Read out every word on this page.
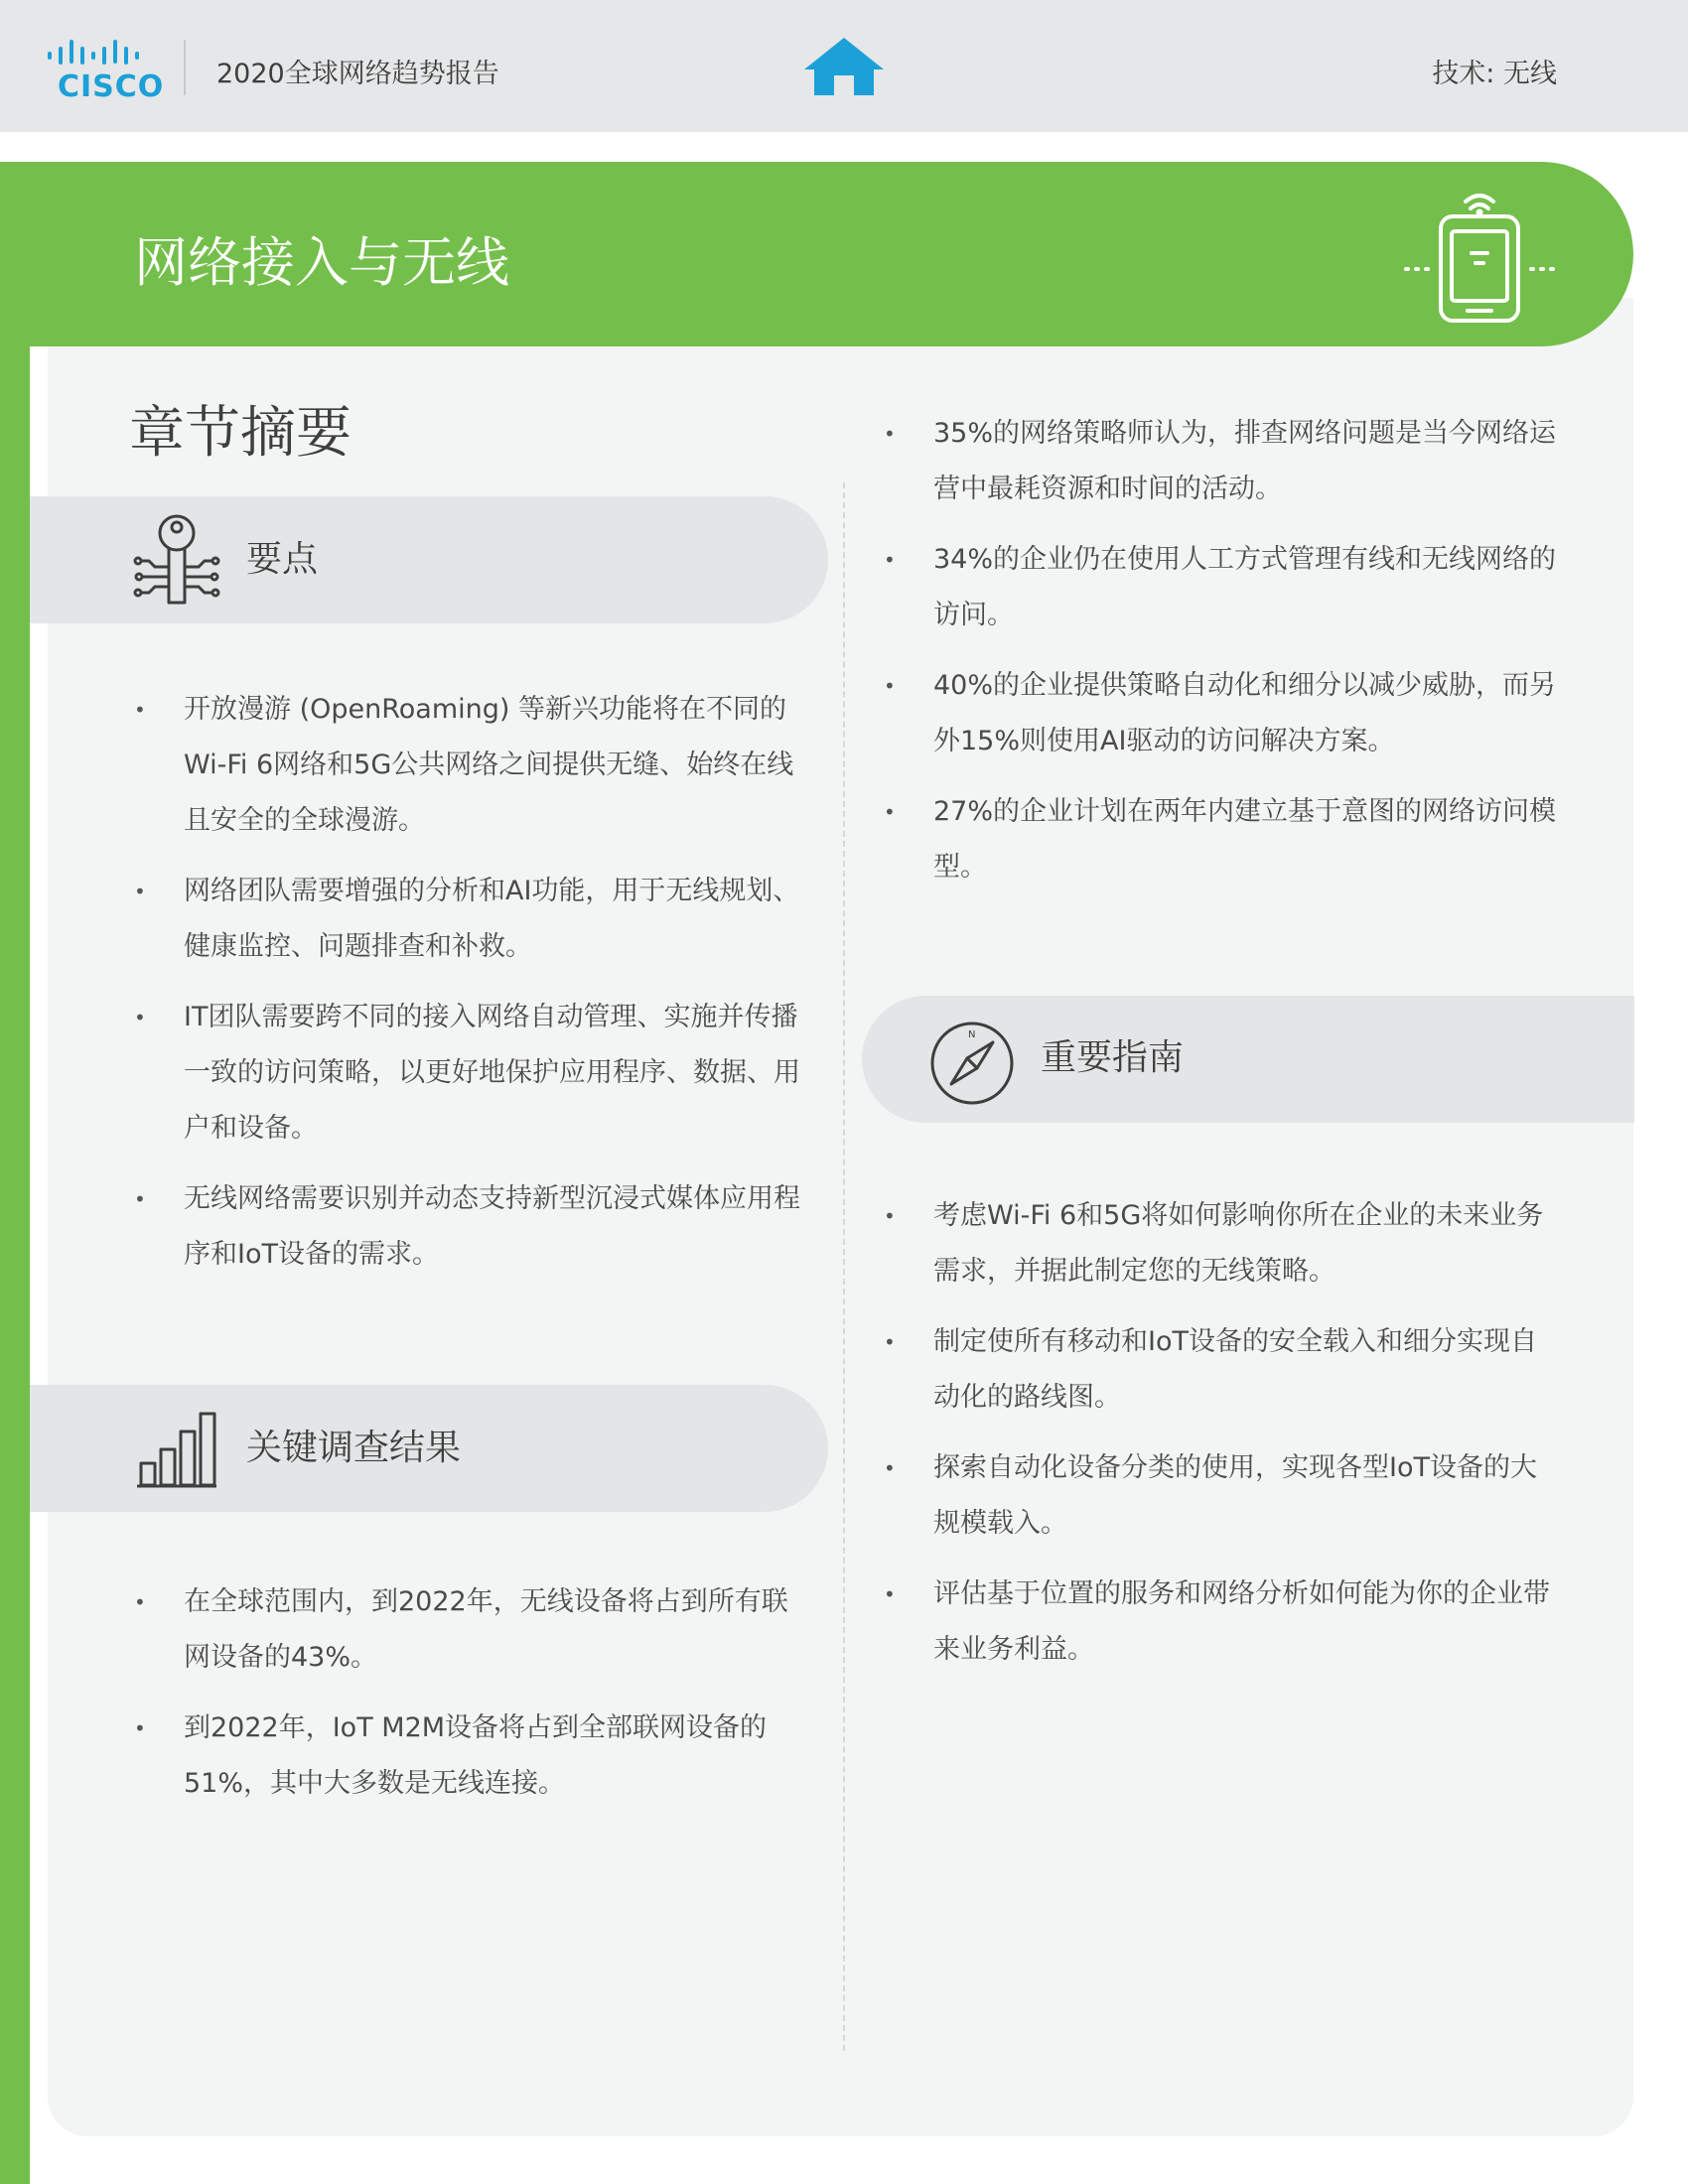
CISCO 2020全球网络趋势报告	技术: 无线
网络接入与无线
章节摘要
要点
• 开放漫游 (OpenRoaming) 等新兴功能将在不同的Wi-Fi 6网络和5G公共网络之间提供无缝、始终在线且安全的全球漫游。
• 网络团队需要增强的分析和AI功能，用于无线规划、健康监控、问题排查和补救。
• IT团队需要跨不同的接入网络自动管理、实施并传播一致的访问策略，以更好地保护应用程序、数据、用户和设备。
• 无线网络需要识别并动态支持新型沉浸式媒体应用程序和IoT设备的需求。
关键调查结果
• 在全球范围内，到2022年，无线设备将占到所有联网设备的43%。
• 到2022年，IoT M2M设备将占到全部联网设备的51%，其中大多数是无线连接。
• 35%的网络策略师认为，排查网络问题是当今网络运营中最耗资源和时间的活动。
• 34%的企业仍在使用人工方式管理有线和无线网络的访问。
• 40%的企业提供策略自动化和细分以减少威胁，而另外15%则使用AI驱动的访问解决方案。
• 27%的企业计划在两年内建立基于意图的网络访问模型。
N
重要指南
• 考虑Wi-Fi 6和5G将如何影响你所在企业的未来业务需求，并据此制定您的无线策略。
• 制定使所有移动和IoT设备的安全载入和细分实现自动化的路线图。
• 探索自动化设备分类的使用，实现各型IoT设备的大规模载入。
• 评估基于位置的服务和网络分析如何能为你的企业带来业务利益。
